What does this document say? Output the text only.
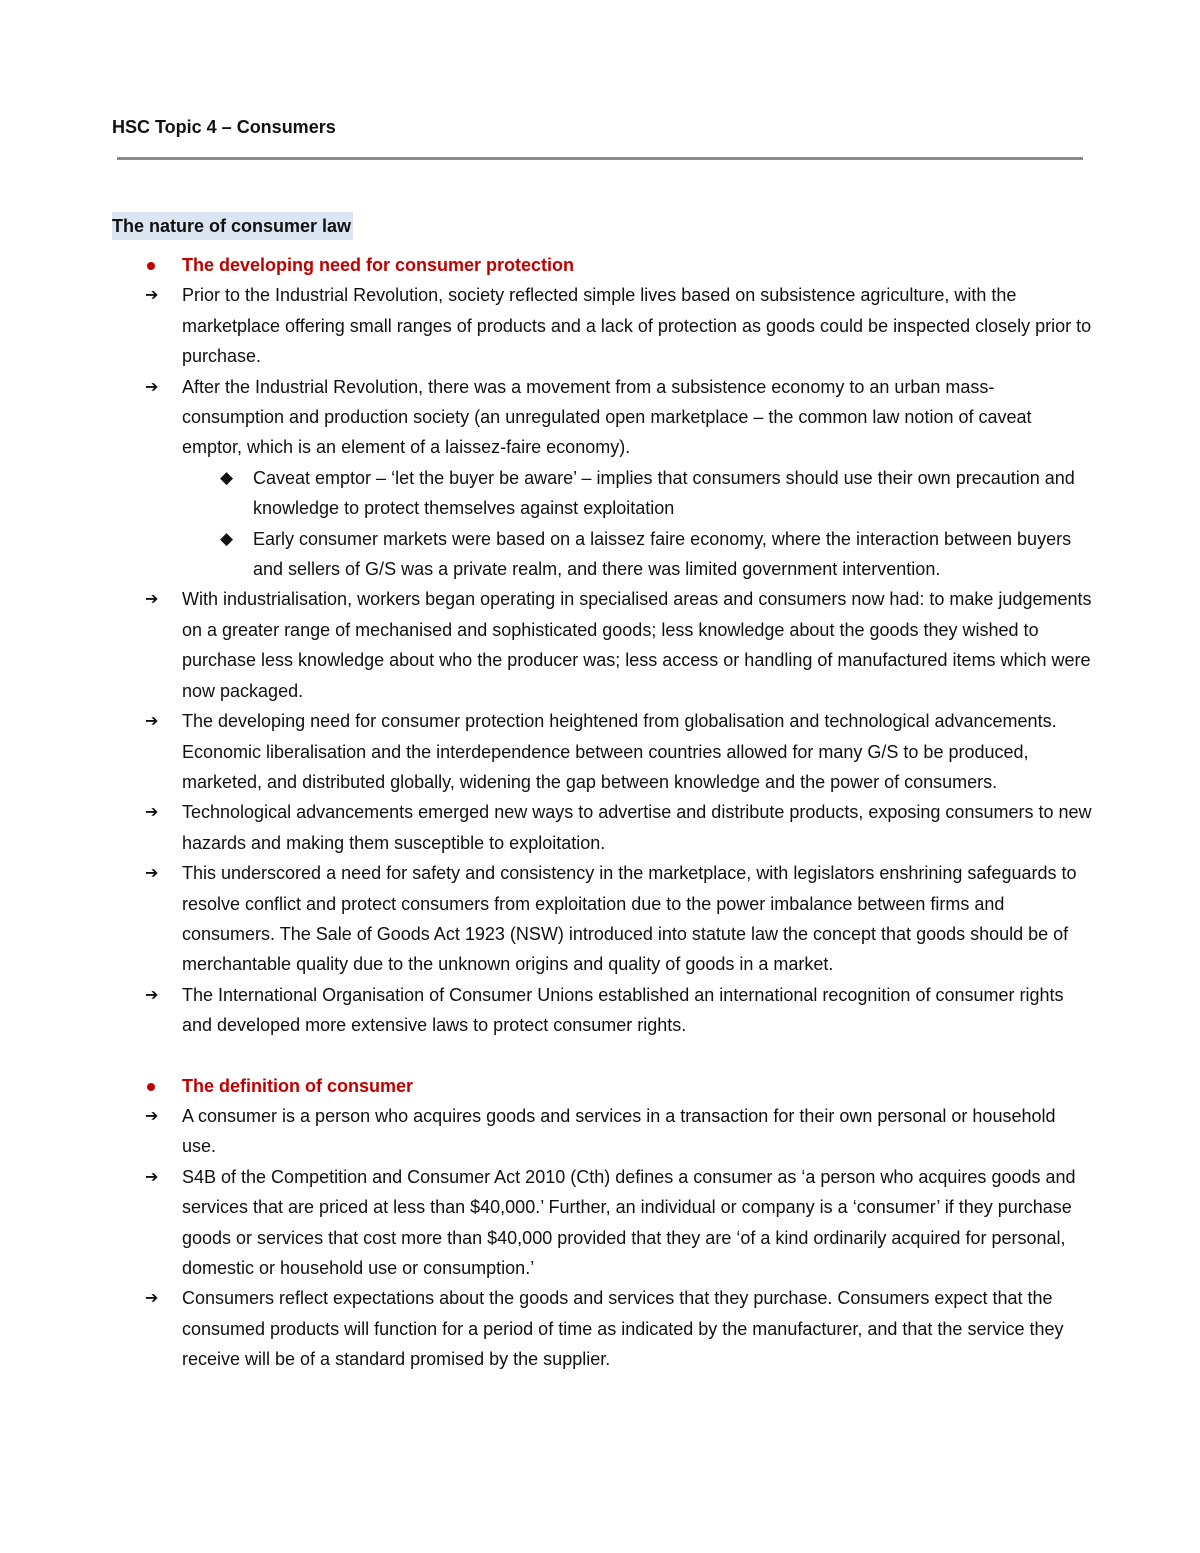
HSC Topic 4 – Consumers
The nature of consumer law
The developing need for consumer protection
➔ Prior to the Industrial Revolution, society reflected simple lives based on subsistence agriculture, with the marketplace offering small ranges of products and a lack of protection as goods could be inspected closely prior to purchase.
➔ After the Industrial Revolution, there was a movement from a subsistence economy to an urban mass-consumption and production society (an unregulated open marketplace – the common law notion of caveat emptor, which is an element of a laissez-faire economy).
◆ Caveat emptor – ‘let the buyer be aware’ – implies that consumers should use their own precaution and knowledge to protect themselves against exploitation
◆ Early consumer markets were based on a laissez faire economy, where the interaction between buyers and sellers of G/S was a private realm, and there was limited government intervention.
➔ With industrialisation, workers began operating in specialised areas and consumers now had: to make judgements on a greater range of mechanised and sophisticated goods; less knowledge about the goods they wished to purchase less knowledge about who the producer was; less access or handling of manufactured items which were now packaged.
➔ The developing need for consumer protection heightened from globalisation and technological advancements. Economic liberalisation and the interdependence between countries allowed for many G/S to be produced, marketed, and distributed globally, widening the gap between knowledge and the power of consumers.
➔ Technological advancements emerged new ways to advertise and distribute products, exposing consumers to new hazards and making them susceptible to exploitation.
➔ This underscored a need for safety and consistency in the marketplace, with legislators enshrining safeguards to resolve conflict and protect consumers from exploitation due to the power imbalance between firms and consumers. The Sale of Goods Act 1923 (NSW) introduced into statute law the concept that goods should be of merchantable quality due to the unknown origins and quality of goods in a market.
➔ The International Organisation of Consumer Unions established an international recognition of consumer rights and developed more extensive laws to protect consumer rights.
The definition of consumer
➔ A consumer is a person who acquires goods and services in a transaction for their own personal or household use.
➔ S4B of the Competition and Consumer Act 2010 (Cth) defines a consumer as ‘a person who acquires goods and services that are priced at less than $40,000.’ Further, an individual or company is a ‘consumer’ if they purchase goods or services that cost more than $40,000 provided that they are ‘of a kind ordinarily acquired for personal, domestic or household use or consumption.’
➔ Consumers reflect expectations about the goods and services that they purchase. Consumers expect that the consumed products will function for a period of time as indicated by the manufacturer, and that the service they receive will be of a standard promised by the supplier.
